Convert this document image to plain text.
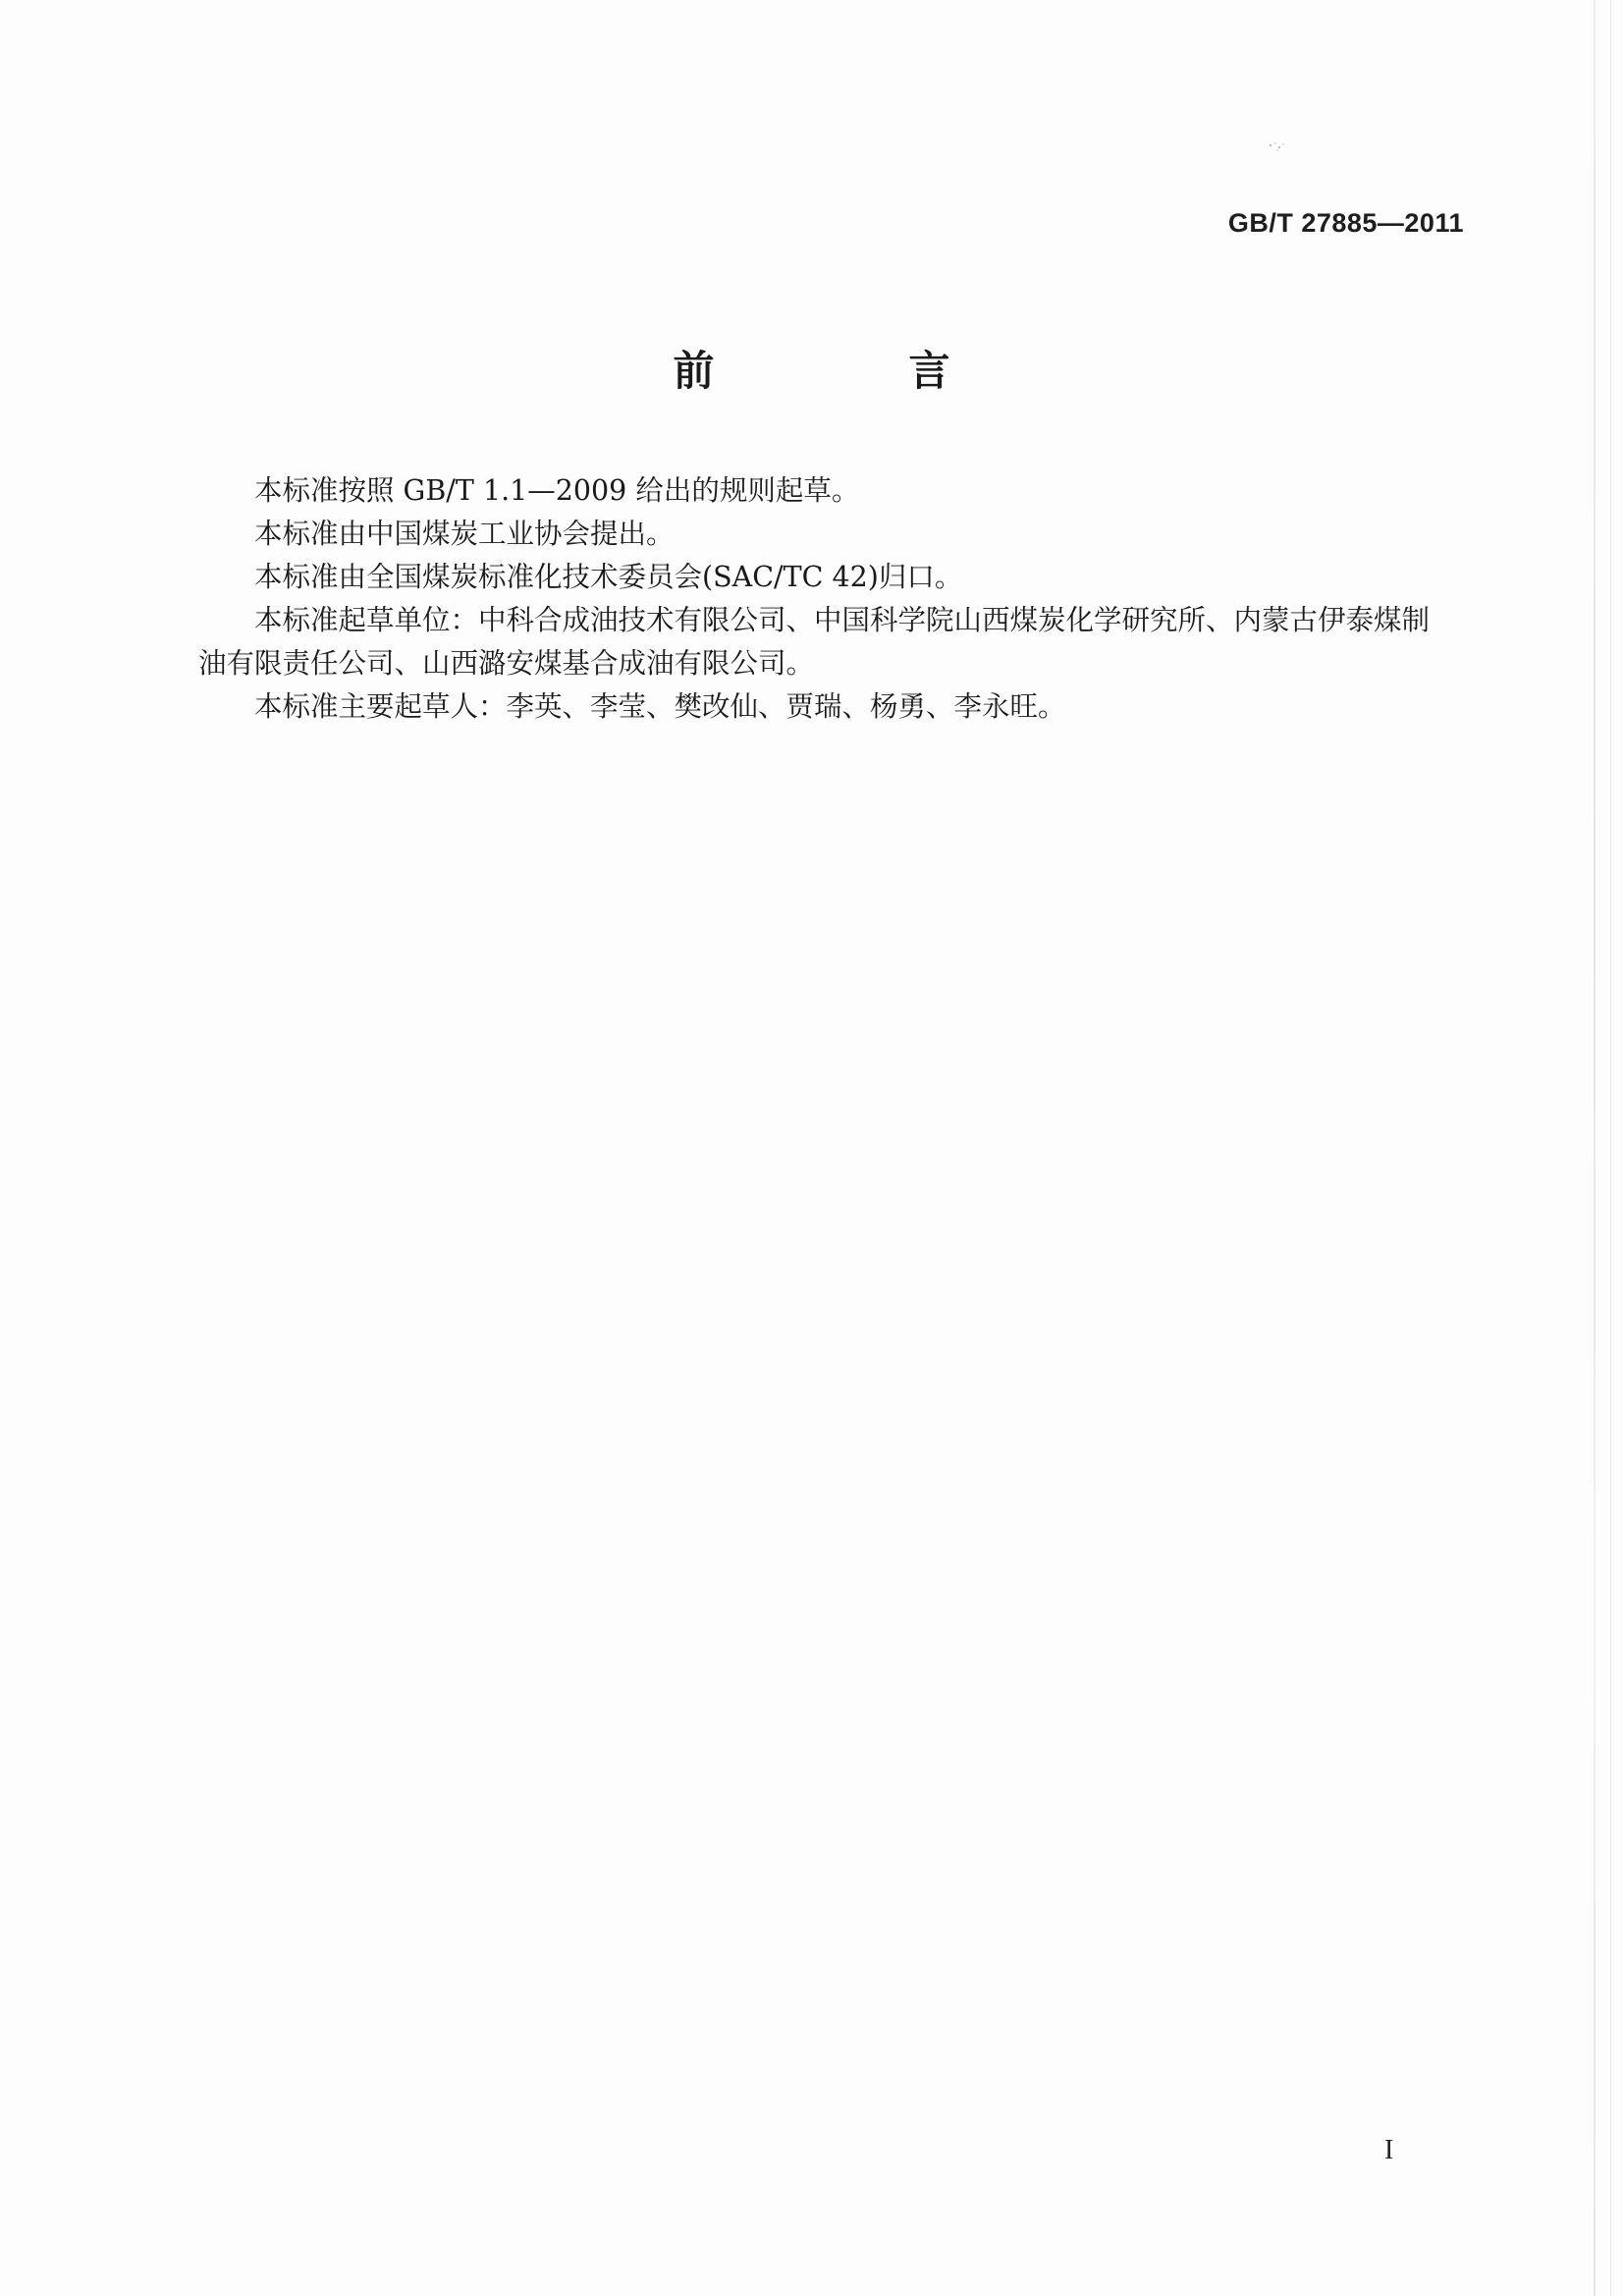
GB/T 27885—2011
前　言

本标准按照 GB/T 1.1—2009 给出的规则起草。

本标准由中国煤炭工业协会提出。

本标准由全国煤炭标准化技术委员会(SAC/TC 42)归口。

本标准起草单位：中科合成油技术有限公司、中国科学院山西煤炭化学研究所、内蒙古伊泰煤制油有限责任公司、山西潞安煤基合成油有限公司。

本标准主要起草人：李英、李莹、樊改仙、贾瑞、杨勇、李永旺。

I
